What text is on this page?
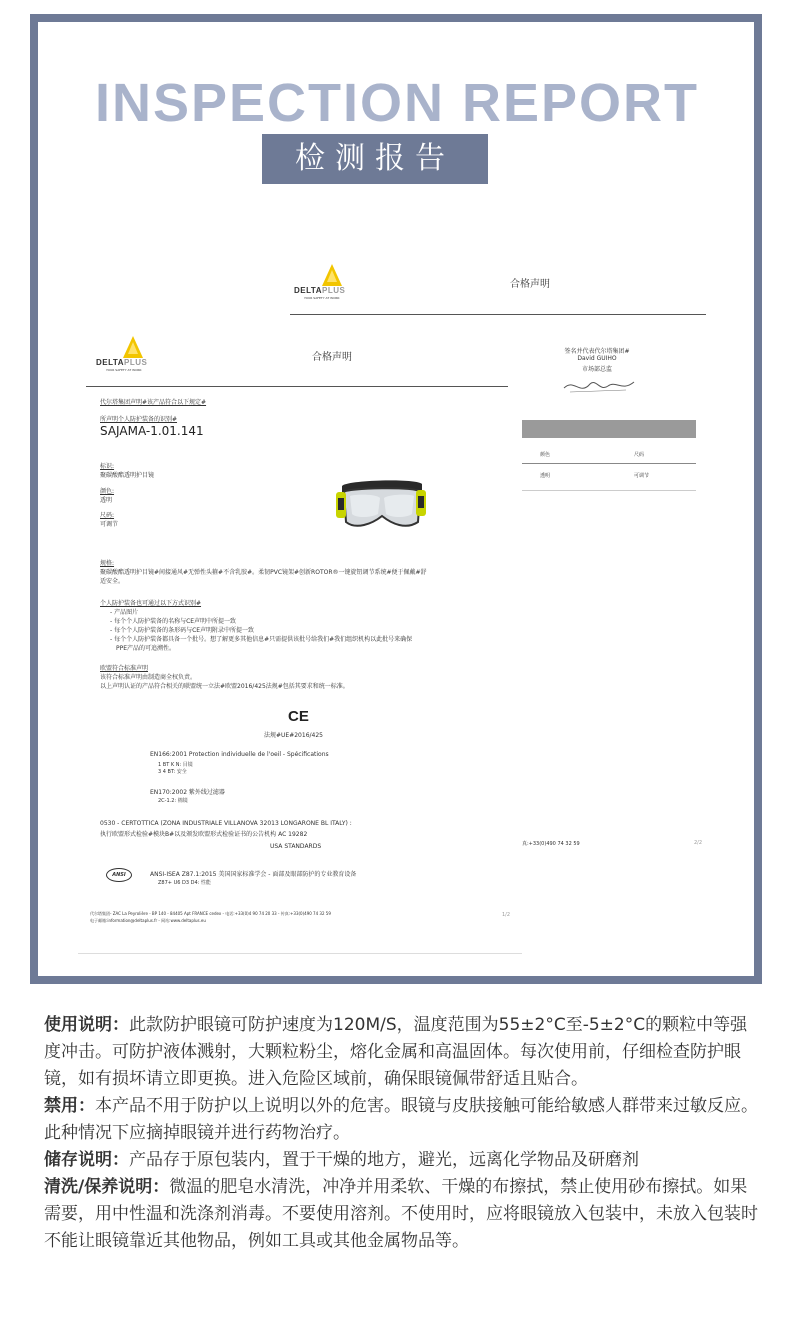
INSPECTION REPORT
检测报告
DELTAPLUS
YOUR SAFETY AT WORK
合格声明
签名并代表代尔塔集团#
David GUIHO
市场部总监
颜色	尺码
透明	可调节
真:+33(0)490 74 32 59	2/2
DELTAPLUS
YOUR SAFETY AT WORK
合格声明
代尔塔集团声明#该产品符合以下规定#
所声明个人防护装备的识别#
SAJAMA-1.01.141
标识:
聚碳酸酯透明护目镜
颜色:
透明
尺码:
可调节
规格:
聚碳酸酯透明护目镜#间接通风#无弹性头箍#不含乳胶#。柔韧PVC镜架#创新ROTOR®一键旋钮调节系统#便于佩戴#舒
适安全。
个人防护装备也可通过以下方式识别#
- 产品图片
- 每个个人防护装备的名称与CE声明中所提一致
- 每个个人防护装备的条形码与CE声明附录中所提一致
- 每个个人防护装备都具备一个批号。想了解更多其他信息#只需提供该批号给我们#我们组织机构以此批号来确保
PPE产品的可追溯性。
欧盟符合标准声明
该符合标准声明由制造商全权负责。
以上声明认证的产品符合相关的联盟统一立法#欧盟2016/425法规#包括其要求和统一标准。
CE
法规#UE#2016/425
EN166:2001 Protection individuelle de l'oeil - Spécifications
1 BT K N: 目镜
3 4 BT: 安全
EN170:2002 紫外线过滤器
2C-1.2: 棉镜
0530 - CERTOTTICA (ZONA INDUSTRIALE VILLANOVA 32013 LONGARONE BL ITALY) :
执行欧盟形式检验#模块B#以及颁发欧盟形式检验证书的公告机构 AC 19282
USA STANDARDS
ANSI	ANSI-ISEA Z87.1:2015 美国国家标准学会 - 面部及眼部防护的专业教育设备
Z87+ U6 D3 D4: 性能
代尔塔集团- ZAC La Peyrolière - BP 140 - 84405 Apt FRANCE cedex - 电话:+33(0)4 90 74 20 33 - 传真:+33(0)490 74 32 59
电子邮箱:information@deltaplus.fr - 网站:www.deltaplus.eu
1/2

使用说明：此款防护眼镜可防护速度为120M/S，温度范围为55±2°C至-5±2°C的颗粒中等强度冲击。可防护液体溅射，大颗粒粉尘，熔化金属和高温固体。每次使用前，仔细检查防护眼镜，如有损坏请立即更换。进入危险区域前，确保眼镜佩带舒适且贴合。

禁用：本产品不用于防护以上说明以外的危害。眼镜与皮肤接触可能给敏感人群带来过敏反应。此种情况下应摘掉眼镜并进行药物治疗。

储存说明：产品存于原包装内，置于干燥的地方，避光，远离化学物品及研磨剂

清洗/保养说明：微温的肥皂水清洗，冲净并用柔软、干燥的布擦拭，禁止使用砂布擦拭。如果需要，用中性温和洗涤剂消毒。不要使用溶剂。不使用时，应将眼镜放入包装中，未放入包装时不能让眼镜靠近其他物品，例如工具或其他金属物品等。
